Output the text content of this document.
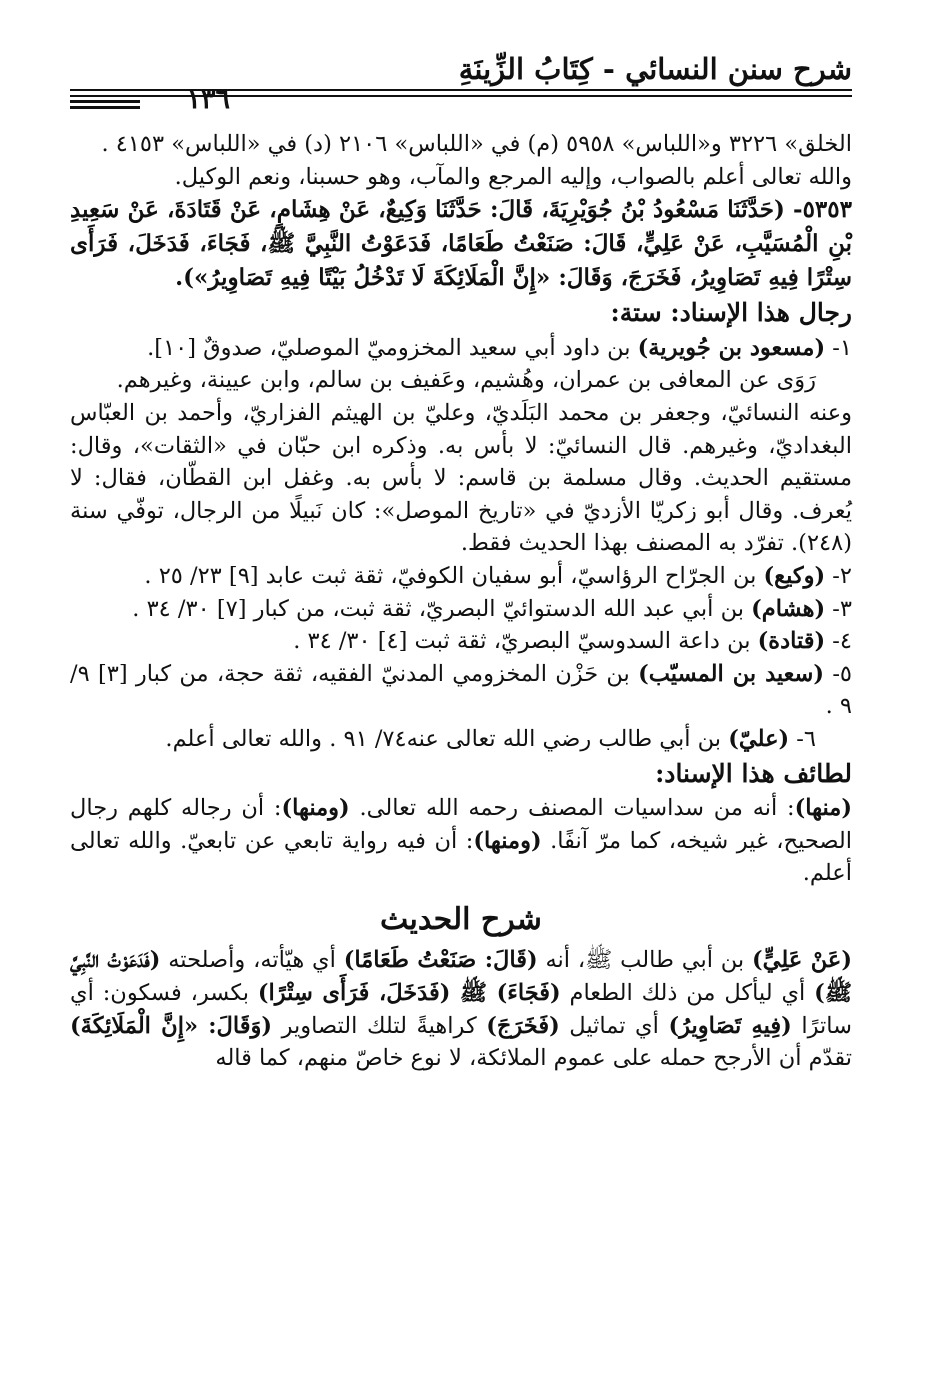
شرح سنن النسائي - كِتَابُ الزِّينَةِ
١٣٦

الخلق» ٣٢٢٦ و«اللباس» ٥٩٥٨ (م) في «اللباس» ٢١٠٦ (د) في «اللباس» ٤١٥٣ .

والله تعالى أعلم بالصواب، وإليه المرجع والمآب، وهو حسبنا، ونعم الوكيل.

٥٣٥٣- (حَدَّثَنَا مَسْعُودُ بْنُ جُوَيْرِيَةَ، قَالَ: حَدَّثَنَا وَكِيعٌ، عَنْ هِشَامٍ، عَنْ قَتَادَةَ، عَنْ سَعِيدِ بْنِ الْمُسَيَّبِ، عَنْ عَلِيٍّ، قَالَ: صَنَعْتُ طَعَامًا، فَدَعَوْتُ النَّبِيَّ ﷺ، فَجَاءَ، فَدَخَلَ، فَرَأَى سِتْرًا فِيهِ تَصَاوِيرُ، فَخَرَجَ، وَقَالَ: «إِنَّ الْمَلَائِكَةَ لَا تَدْخُلُ بَيْتًا فِيهِ تَصَاوِيرُ»).

رجال هذا الإسناد: ستة:

١- (مسعود بن جُويرية) بن داود أبي سعيد المخزوميّ الموصليّ، صدوقٌ [١٠].

رَوَى عن المعافى بن عمران، وهُشيم، وعَفيف بن سالم، وابن عيينة، وغيرهم.

وعنه النسائيّ، وجعفر بن محمد البَلَديّ، وعليّ بن الهيثم الفزاريّ، وأحمد بن العبّاس البغداديّ، وغيرهم. قال النسائيّ: لا بأس به. وذكره ابن حبّان في «الثقات»، وقال: مستقيم الحديث. وقال مسلمة بن قاسم: لا بأس به. وغفل ابن القطّان، فقال: لا يُعرف. وقال أبو زكريّا الأزديّ في «تاريخ الموصل»: كان نَبيلًا من الرجال، توفّي سنة (٢٤٨). تفرّد به المصنف بهذا الحديث فقط.

٢- (وكيع) بن الجرّاح الرؤاسيّ، أبو سفيان الكوفيّ، ثقة ثبت عابد [٩] ٢٣/ ٢٥ .

٣- (هشام) بن أبي عبد الله الدستوائيّ البصريّ، ثقة ثبت، من كبار [٧] ٣٠/ ٣٤ .

٤- (قتادة) بن داعة السدوسيّ البصريّ، ثقة ثبت [٤] ٣٠/ ٣٤ .

٥- (سعيد بن المسيّب) بن حَزْن المخزومي المدنيّ الفقيه، ثقة حجة، من كبار [٣] ٩/ ٩ .

٦- (عليّ) بن أبي طالب رضي الله تعالى عنه٧٤/ ٩١ . والله تعالى أعلم.

لطائف هذا الإسناد:

(منها): أنه من سداسيات المصنف رحمه الله تعالى. (ومنها): أن رجاله كلهم رجال الصحيح، غير شيخه، كما مرّ آنفًا. (ومنها): أن فيه رواية تابعي عن تابعيّ. والله تعالى أعلم.

شرح الحديث

(عَنْ عَلِيٍّ) بن أبي طالب ﷺ، أنه (قَالَ: صَنَعْتُ طَعَامًا) أي هيّأته، وأصلحته (فَدَعَوْتُ النَّبِيَّ ﷺ) أي ليأكل من ذلك الطعام (فَجَاءَ) ﷺ (فَدَخَلَ، فَرَأَى سِتْرًا) بكسر، فسكون: أي ساترًا (فِيهِ تَصَاوِيرُ) أي تماثيل (فَخَرَجَ) كراهيةً لتلك التصاوير (وَقَالَ: «إِنَّ الْمَلَائِكَةَ) تقدّم أن الأرجح حمله على عموم الملائكة، لا نوع خاصّ منهم، كما قاله
